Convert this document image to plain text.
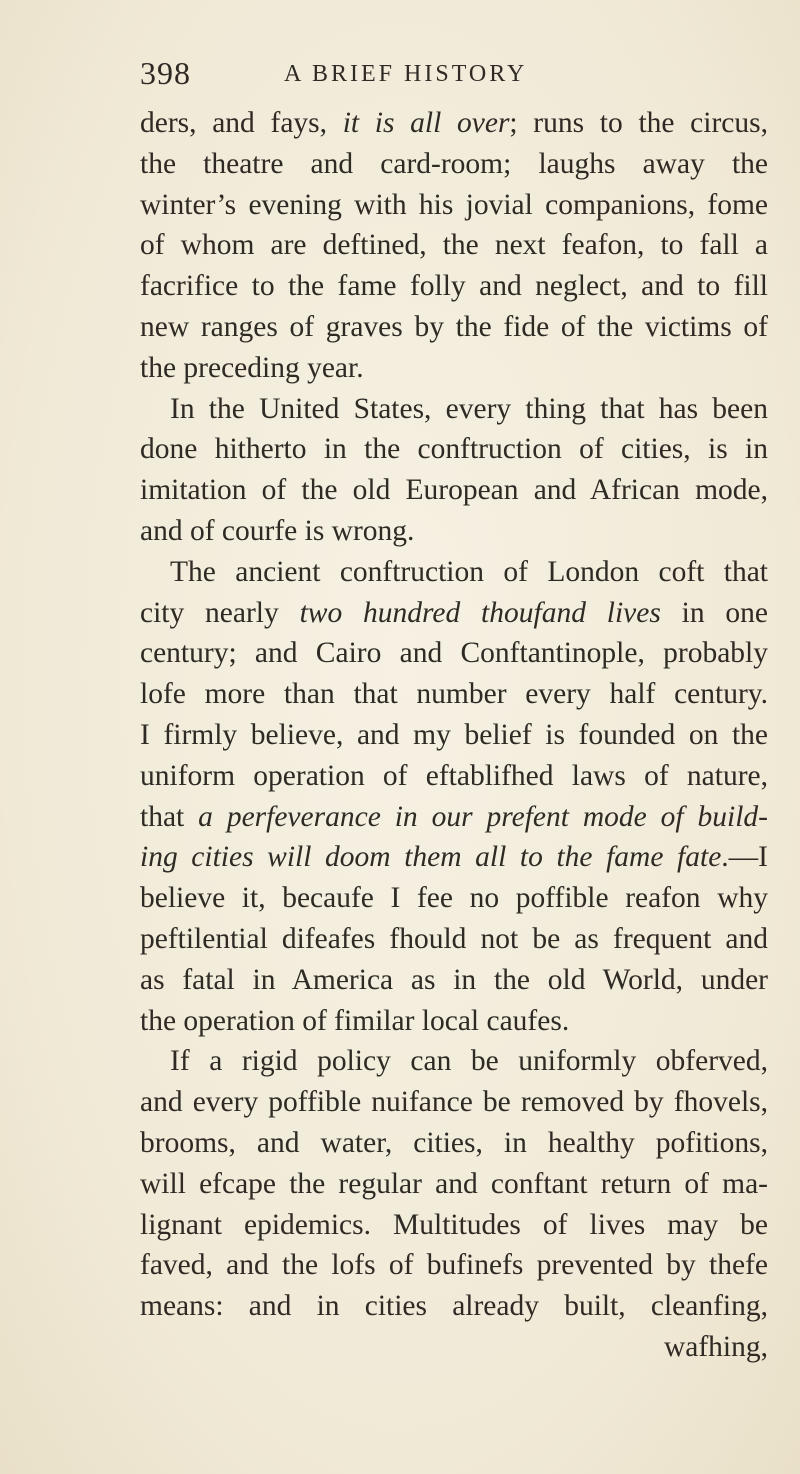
398	A BRIEF HISTORY
ders, and fays, it is all over; runs to the circus,
the theatre and card-room; laughs away the
winter’s evening with his jovial companions, fome
of whom are deftined, the next feafon, to fall a
facrifice to the fame folly and neglect, and to fill
new ranges of graves by the fide of the victims of
the preceding year.
In the United States, every thing that has been
done hitherto in the conftruction of cities, is in
imitation of the old European and African mode,
and of courfe is wrong.
The ancient conftruction of London coft that
city nearly two hundred thoufand lives in one
century; and Cairo and Conftantinople, probably
lofe more than that number every half century.
I firmly believe, and my belief is founded on the
uniform operation of eftablifhed laws of nature,
that a perfeverance in our prefent mode of build-
ing cities will doom them all to the fame fate.—I
believe it, becaufe I fee no poffible reafon why
peftilential difeafes fhould not be as frequent and
as fatal in America as in the old World, under
the operation of fimilar local caufes.
If a rigid policy can be uniformly obferved,
and every poffible nuifance be removed by fhovels,
brooms, and water, cities, in healthy pofitions,
will efcape the regular and conftant return of ma-
lignant epidemics. Multitudes of lives may be
faved, and the lofs of bufinefs prevented by thefe
means: and in cities already built, cleanfing,
wafhing,
